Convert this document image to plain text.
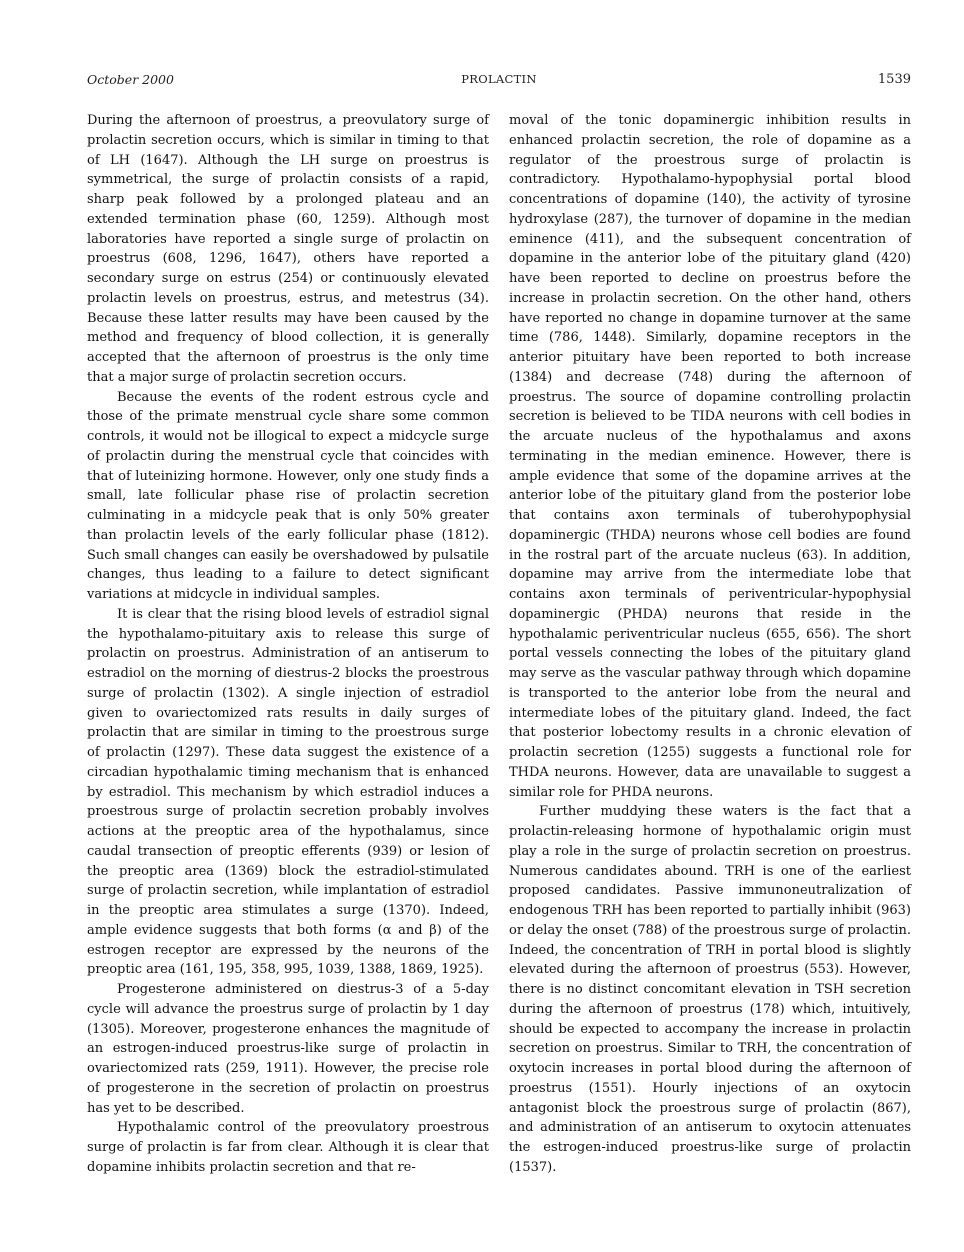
October 2000	PROLACTIN	1539

During the afternoon of proestrus, a preovulatory surge of prolactin secretion occurs, which is similar in timing to that of LH (1647). Although the LH surge on proestrus is symmetrical, the surge of prolactin consists of a rapid, sharp peak followed by a prolonged plateau and an extended termination phase (60, 1259). Although most laboratories have reported a single surge of prolactin on proestrus (608, 1296, 1647), others have reported a secondary surge on estrus (254) or continuously elevated prolactin levels on proestrus, estrus, and metestrus (34). Because these latter results may have been caused by the method and frequency of blood collection, it is generally accepted that the afternoon of proestrus is the only time that a major surge of prolactin secretion occurs.

Because the events of the rodent estrous cycle and those of the primate menstrual cycle share some common controls, it would not be illogical to expect a midcycle surge of prolactin during the menstrual cycle that coincides with that of luteinizing hormone. However, only one study finds a small, late follicular phase rise of prolactin secretion culminating in a midcycle peak that is only 50% greater than prolactin levels of the early follicular phase (1812). Such small changes can easily be overshadowed by pulsatile changes, thus leading to a failure to detect significant variations at midcycle in individual samples.

It is clear that the rising blood levels of estradiol signal the hypothalamo-pituitary axis to release this surge of prolactin on proestrus. Administration of an antiserum to estradiol on the morning of diestrus-2 blocks the proestrous surge of prolactin (1302). A single injection of estradiol given to ovariectomized rats results in daily surges of prolactin that are similar in timing to the proestrous surge of prolactin (1297). These data suggest the existence of a circadian hypothalamic timing mechanism that is enhanced by estradiol. This mechanism by which estradiol induces a proestrous surge of prolactin secretion probably involves actions at the preoptic area of the hypothalamus, since caudal transection of preoptic efferents (939) or lesion of the preoptic area (1369) block the estradiol-stimulated surge of prolactin secretion, while implantation of estradiol in the preoptic area stimulates a surge (1370). Indeed, ample evidence suggests that both forms (α and β) of the estrogen receptor are expressed by the neurons of the preoptic area (161, 195, 358, 995, 1039, 1388, 1869, 1925).

Progesterone administered on diestrus-3 of a 5-day cycle will advance the proestrus surge of prolactin by 1 day (1305). Moreover, progesterone enhances the magnitude of an estrogen-induced proestrus-like surge of prolactin in ovariectomized rats (259, 1911). However, the precise role of progesterone in the secretion of prolactin on proestrus has yet to be described.

Hypothalamic control of the preovulatory proestrous surge of prolactin is far from clear. Although it is clear that dopamine inhibits prolactin secretion and that re-

moval of the tonic dopaminergic inhibition results in enhanced prolactin secretion, the role of dopamine as a regulator of the proestrous surge of prolactin is contradictory. Hypothalamo-hypophysial portal blood concentrations of dopamine (140), the activity of tyrosine hydroxylase (287), the turnover of dopamine in the median eminence (411), and the subsequent concentration of dopamine in the anterior lobe of the pituitary gland (420) have been reported to decline on proestrus before the increase in prolactin secretion. On the other hand, others have reported no change in dopamine turnover at the same time (786, 1448). Similarly, dopamine receptors in the anterior pituitary have been reported to both increase (1384) and decrease (748) during the afternoon of proestrus. The source of dopamine controlling prolactin secretion is believed to be TIDA neurons with cell bodies in the arcuate nucleus of the hypothalamus and axons terminating in the median eminence. However, there is ample evidence that some of the dopamine arrives at the anterior lobe of the pituitary gland from the posterior lobe that contains axon terminals of tuberohypophysial dopaminergic (THDA) neurons whose cell bodies are found in the rostral part of the arcuate nucleus (63). In addition, dopamine may arrive from the intermediate lobe that contains axon terminals of periventricular-hypophysial dopaminergic (PHDA) neurons that reside in the hypothalamic periventricular nucleus (655, 656). The short portal vessels connecting the lobes of the pituitary gland may serve as the vascular pathway through which dopamine is transported to the anterior lobe from the neural and intermediate lobes of the pituitary gland. Indeed, the fact that posterior lobectomy results in a chronic elevation of prolactin secretion (1255) suggests a functional role for THDA neurons. However, data are unavailable to suggest a similar role for PHDA neurons.

Further muddying these waters is the fact that a prolactin-releasing hormone of hypothalamic origin must play a role in the surge of prolactin secretion on proestrus. Numerous candidates abound. TRH is one of the earliest proposed candidates. Passive immunoneutralization of endogenous TRH has been reported to partially inhibit (963) or delay the onset (788) of the proestrous surge of prolactin. Indeed, the concentration of TRH in portal blood is slightly elevated during the afternoon of proestrus (553). However, there is no distinct concomitant elevation in TSH secretion during the afternoon of proestrus (178) which, intuitively, should be expected to accompany the increase in prolactin secretion on proestrus. Similar to TRH, the concentration of oxytocin increases in portal blood during the afternoon of proestrus (1551). Hourly injections of an oxytocin antagonist block the proestrous surge of prolactin (867), and administration of an antiserum to oxytocin attenuates the estrogen-induced proestrus-like surge of prolactin (1537).
